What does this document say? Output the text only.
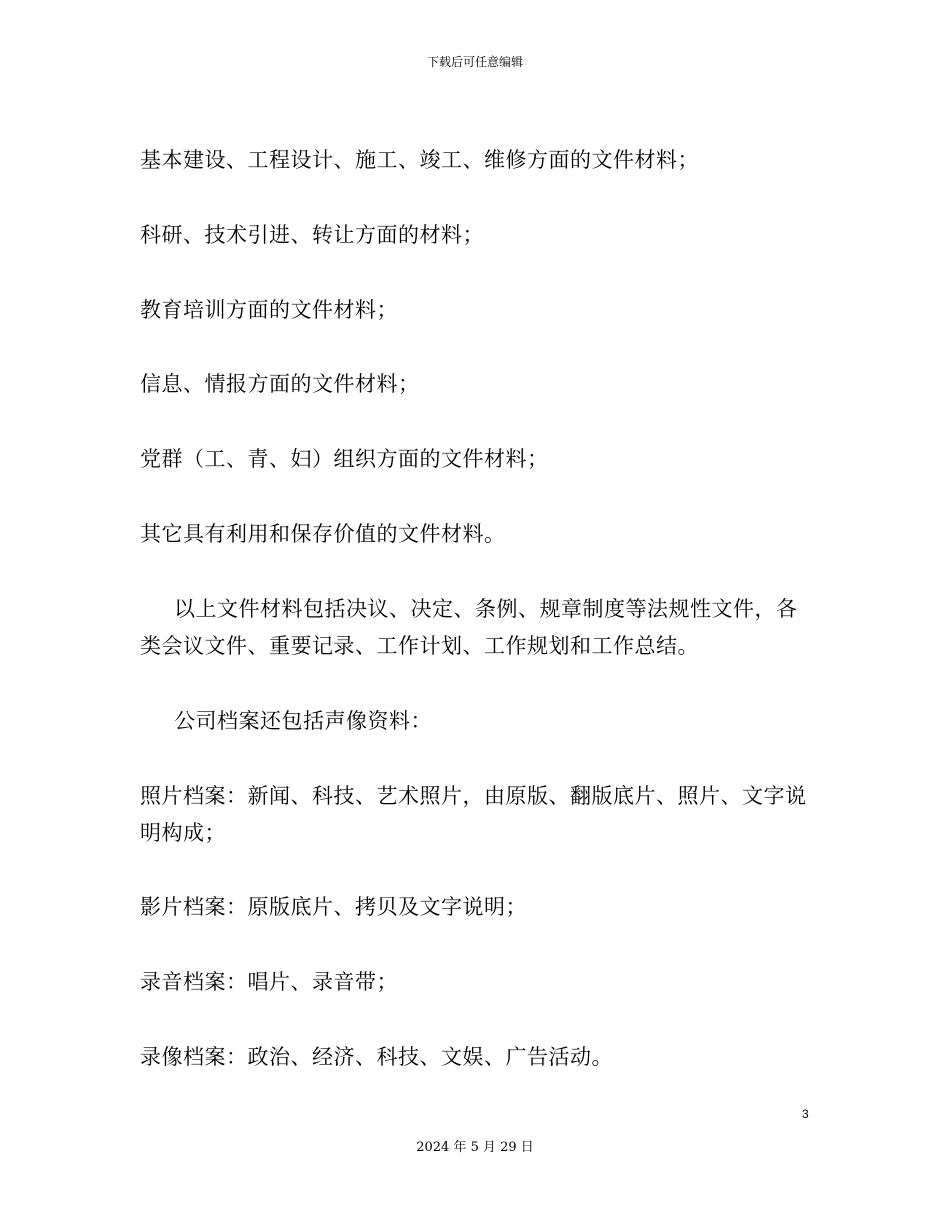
下载后可任意编辑

基本建设、工程设计、施工、竣工、维修方面的文件材料；

科研、技术引进、转让方面的材料；

教育培训方面的文件材料；

信息、情报方面的文件材料；

党群（工、青、妇）组织方面的文件材料；

其它具有利用和保存价值的文件材料。

以上文件材料包括决议、决定、条例、规章制度等法规性文件，各类会议文件、重要记录、工作计划、工作规划和工作总结。

公司档案还包括声像资料：

照片档案：新闻、科技、艺术照片，由原版、翻版底片、照片、文字说明构成；

影片档案：原版底片、拷贝及文字说明；

录音档案：唱片、录音带；

录像档案：政治、经济、科技、文娱、广告活动。

3
2024 年 5 月 29 日
